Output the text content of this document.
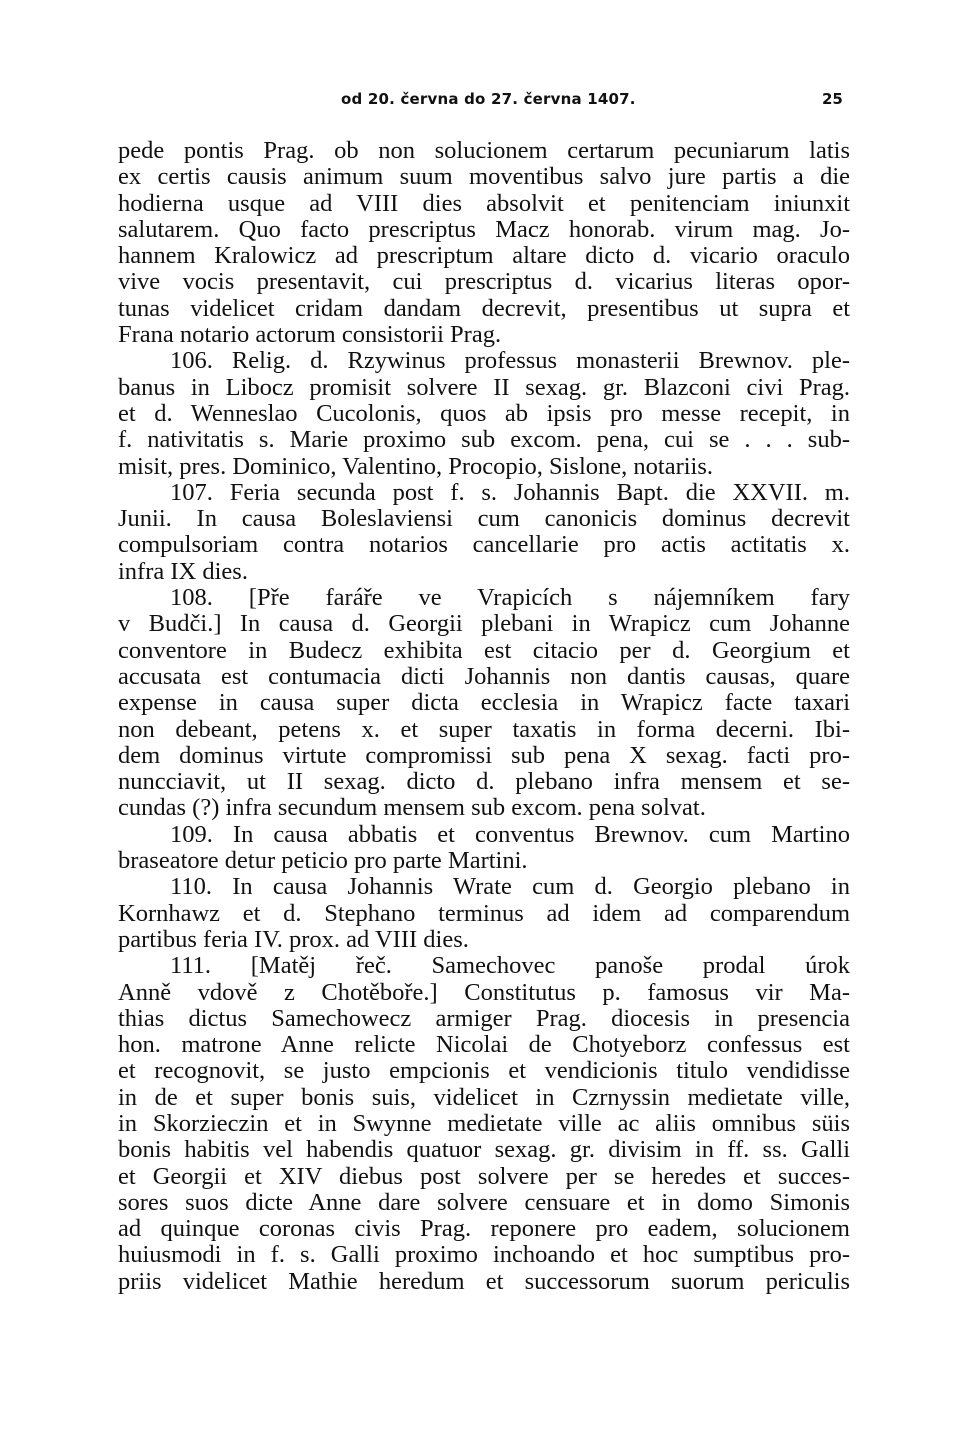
od 20. června do 27. června 1407.	25
pede pontis Prag. ob non solucionem certarum pecuniarum latis
ex certis causis animum suum moventibus salvo jure partis a die
hodierna usque ad VIII dies absolvit et penitenciam iniunxit
salutarem. Quo facto prescriptus Macz honorab. virum mag. Jo-
hannem Kralowicz ad prescriptum altare dicto d. vicario oraculo
vive vocis presentavit, cui prescriptus d. vicarius literas opor-
tunas videlicet cridam dandam decrevit, presentibus ut supra et
Frana notario actorum consistorii Prag.
106. Relig. d. Rzywinus professus monasterii Brewnov. ple-
banus in Libocz promisit solvere II sexag. gr. Blazconi civi Prag.
et d. Wenneslao Cucolonis, quos ab ipsis pro messe recepit, in
f. nativitatis s. Marie proximo sub excom. pena, cui se . . . sub-
misit, pres. Dominico, Valentino, Procopio, Sislone, notariis.
107. Feria secunda post f. s. Johannis Bapt. die XXVII. m.
Junii. In causa Boleslaviensi cum canonicis dominus decrevit
compulsoriam contra notarios cancellarie pro actis actitatis x.
infra IX dies.
108. [Pře faráře ve Vrapicích s nájemníkem fary
v Budči.] In causa d. Georgii plebani in Wrapicz cum Johanne
conventore in Budecz exhibita est citacio per d. Georgium et
accusata est contumacia dicti Johannis non dantis causas, quare
expense in causa super dicta ecclesia in Wrapicz facte taxari
non debeant, petens x. et super taxatis in forma decerni. Ibi-
dem dominus virtute compromissi sub pena X sexag. facti pro-
nuncciavit, ut II sexag. dicto d. plebano infra mensem et se-
cundas (?) infra secundum mensem sub excom. pena solvat.
109. In causa abbatis et conventus Brewnov. cum Martino
braseatore detur peticio pro parte Martini.
110. In causa Johannis Wrate cum d. Georgio plebano in
Kornhawz et d. Stephano terminus ad idem ad comparendum
partibus feria IV. prox. ad VIII dies.
111. [Matěj řeč. Samechovec panoše prodal úrok
Anně vdově z Chotěboře.] Constitutus p. famosus vir Ma-
thias dictus Samechowecz armiger Prag. diocesis in presencia
hon. matrone Anne relicte Nicolai de Chotyeborz confessus est
et recognovit, se justo empcionis et vendicionis titulo vendidisse
in de et super bonis suis, videlicet in Czrnyssin medietate ville,
in Skorzieczin et in Swynne medietate ville ac aliis omnibus süis
bonis habitis vel habendis quatuor sexag. gr. divisim in ff. ss. Galli
et Georgii et XIV diebus post solvere per se heredes et succes-
sores suos dicte Anne dare solvere censuare et in domo Simonis
ad quinque coronas civis Prag. reponere pro eadem, solucionem
huiusmodi in f. s. Galli proximo inchoando et hoc sumptibus pro-
priis videlicet Mathie heredum et successorum suorum periculis
